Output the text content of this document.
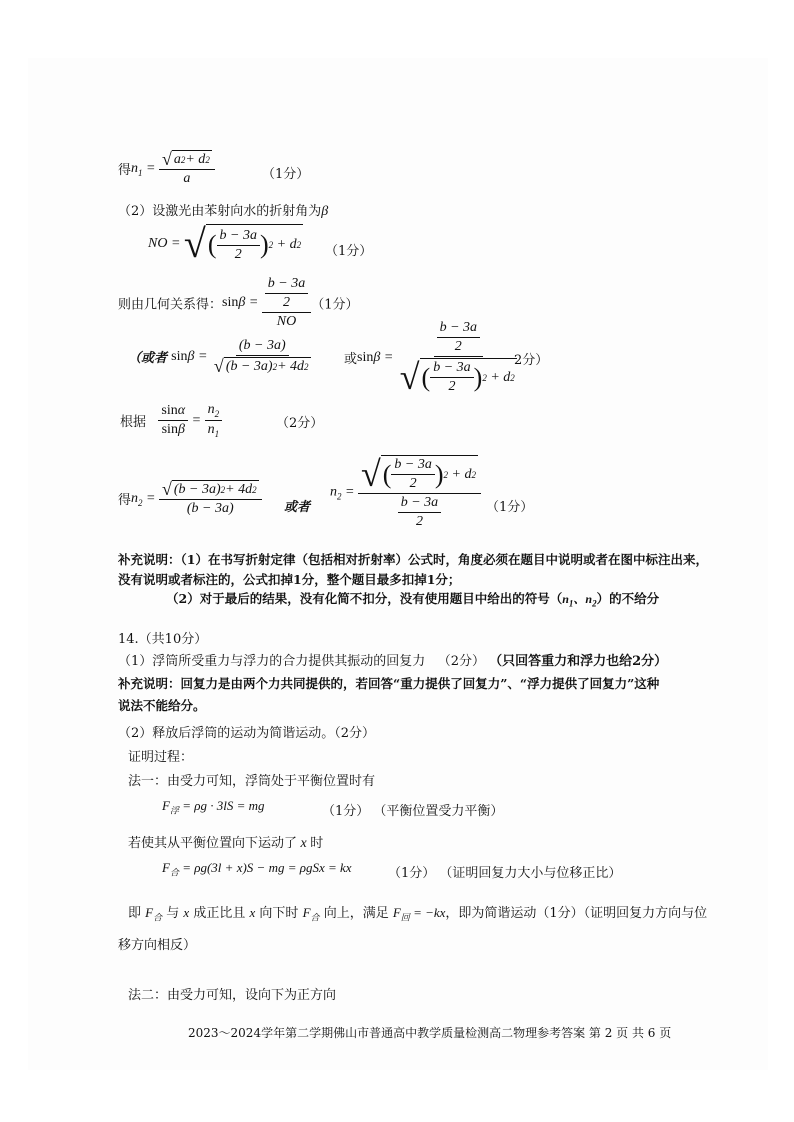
得$n_1 = \frac{√ a 2 + d 2}{a}$	（1分）
（2）设激光由苯射向水的折射角为β
NO = √ ( $\frac{b - 3a}{2}$ ) 2 + d 2 （1分）
则由几何关系得：$\sin\beta = \frac{\frac{b - 3a}{2}}{NO} (1$分）
（或者 $\sin\beta = \frac{(b - 3a)}{√ (b - 3a) 2 + 4d 2}$ 或$\sin\beta = \frac{\frac{b - 3a}{2}}{√ ( \frac{b - 3a}{2} ) 2 + d 2}$
2分）
根据 $\frac{\sin\alpha}{\sin\beta} = \frac{n_2}{n_1}$	（2分）
得$n_2 = \frac{√ (b - 3a) 2 + 4d 2}{(b - 3a)}$ 或者
$n_2 = \frac{√ ( \frac{b - 3a}{2} ) 2 + d 2}{\frac{b - 3a}{2}} (1$分）
补充说明：（1）在书写折射定律（包括相对折射率）公式时，角度必须在题目中说明或者在图中标注出来，
没有说明或者标注的，公式扣掉1分，整个题目最多扣掉1分；
（2）对于最后的结果，没有化简不扣分，没有使用题目中给出的符号（$n_1$、$n_2$）的不给分
14.（共10分）
（1）浮筒所受重力与浮力的合力提供其振动的回复力 （2分） （只回答重力和浮力也给2分）
补充说明：回复力是由两个力共同提供的，若回答“重力提供了回复力”、“浮力提供了回复力”这种
说法不能给分。
（2）释放后浮筒的运动为简谐运动。（2分）
证明过程：
法一：由受力可知，浮筒处于平衡位置时有
$F_浮 = \rho g \cdot 3lS$ = mg	（1分） （平衡位置受力平衡）
若使其从平衡位置向下运动了 x 时
$F_合 = \rho g(3l + x)S$ − mg = ρgSx = kx	（1分） （证明回复力大小与位移正比）
即 $F_合$ 与 x 成正比且 x 向下时 $F_合$ 向上，满足 $F_回 = -kx$，即为简谐运动（1分）（证明回复力方向与位
移方向相反）
法二：由受力可知，设向下为正方向
2023～2024学年第二学期佛山市普通高中教学质量检测高二物理参考答案 第 2 页 共 6 页
